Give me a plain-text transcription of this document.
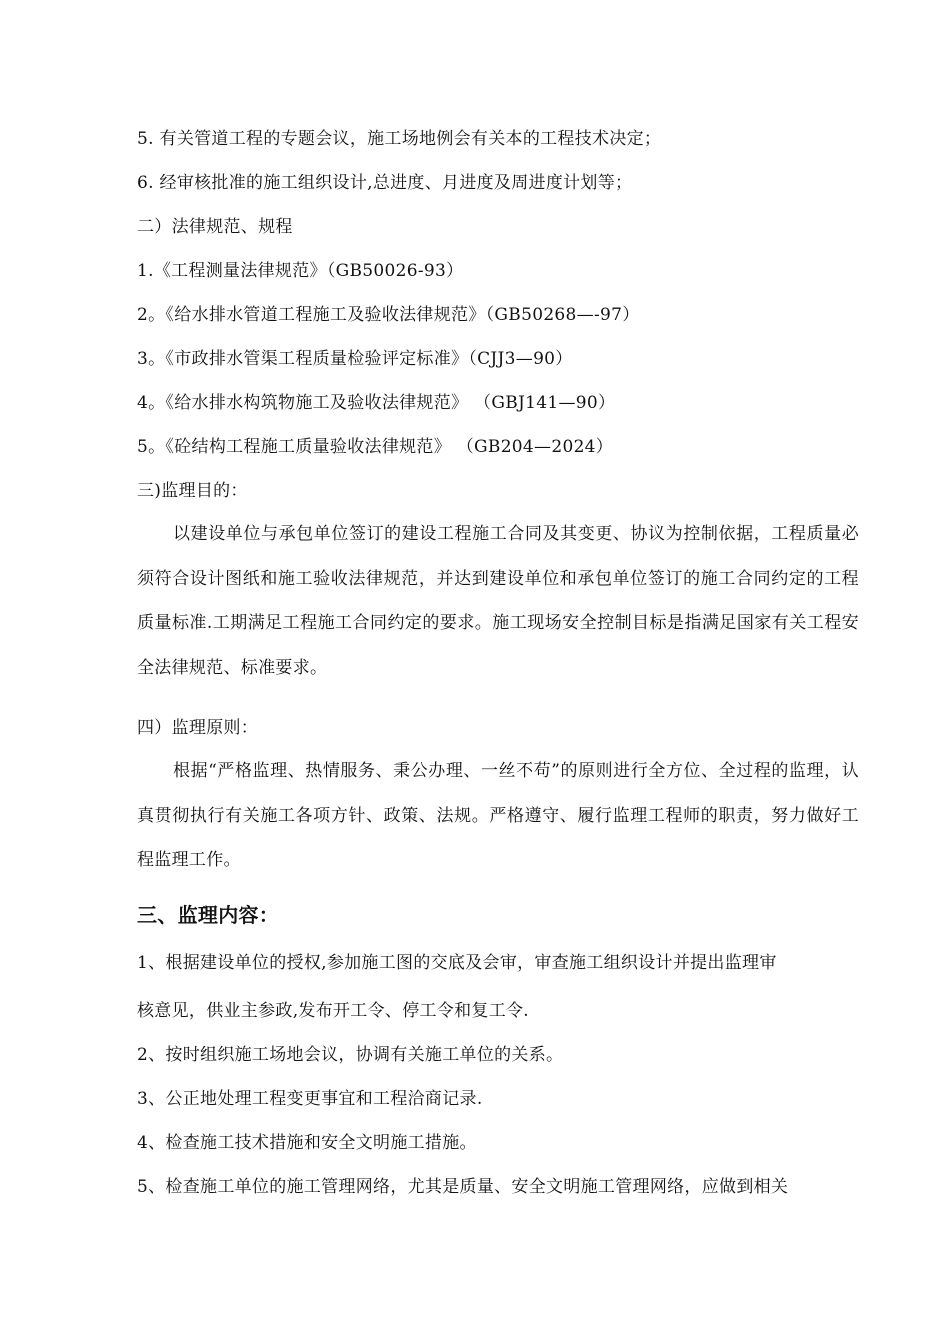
5. 有关管道工程的专题会议，施工场地例会有关本的工程技术决定；
6. 经审核批准的施工组织设计,总进度、月进度及周进度计划等；
二）法律规范、规程
1.《工程测量法律规范》（GB50026-93）
2。《给水排水管道工程施工及验收法律规范》（GB50268—-97）
3。《市政排水管渠工程质量检验评定标准》（CJJ3—90）
4。《给水排水构筑物施工及验收法律规范》 （GBJ141—90）
5。《砼结构工程施工质量验收法律规范》 （GB204—2024）
三)监理目的：
以建设单位与承包单位签订的建设工程施工合同及其变更、协议为控制依据，工程质量必须符合设计图纸和施工验收法律规范，并达到建设单位和承包单位签订的施工合同约定的工程质量标准.工期满足工程施工合同约定的要求。施工现场安全控制目标是指满足国家有关工程安全法律规范、标准要求。
四）监理原则：
根据“严格监理、热情服务、秉公办理、一丝不苟”的原则进行全方位、全过程的监理，认真贯彻执行有关施工各项方针、政策、法规。严格遵守、履行监理工程师的职责，努力做好工程监理工作。
三、监理内容：
1、根据建设单位的授权,参加施工图的交底及会审，审查施工组织设计并提出监理审
核意见，供业主参政,发布开工令、停工令和复工令.
2、按时组织施工场地会议，协调有关施工单位的关系。
3、公正地处理工程变更事宜和工程洽商记录.
4、检查施工技术措施和安全文明施工措施。
5、检查施工单位的施工管理网络，尤其是质量、安全文明施工管理网络，应做到相关
